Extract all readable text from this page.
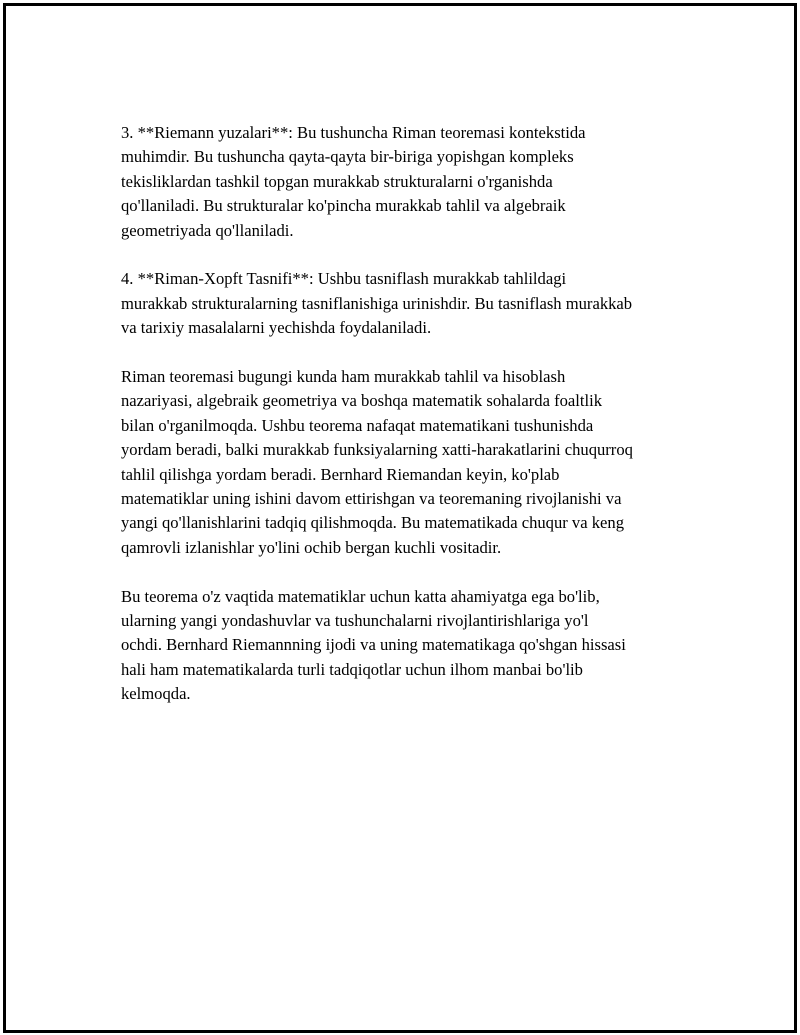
3. **Riemann yuzalari**: Bu tushuncha Riman teoremasi kontekstida
muhimdir. Bu tushuncha qayta-qayta bir-biriga yopishgan kompleks
tekisliklardan tashkil topgan murakkab strukturalarni o'rganishda
qo'llaniladi. Bu strukturalar ko'pincha murakkab tahlil va algebraik
geometriyada qo'llaniladi.

4. **Riman-Xopft Tasnifi**: Ushbu tasniflash murakkab tahlildagi
murakkab strukturalarning tasniflanishiga urinishdir. Bu tasniflash murakkab
va tarixiy masalalarni yechishda foydalaniladi.

Riman teoremasi bugungi kunda ham murakkab tahlil va hisoblash
nazariyasi, algebraik geometriya va boshqa matematik sohalarda foaltlik
bilan o'rganilmoqda. Ushbu teorema nafaqat matematikani tushunishda
yordam beradi, balki murakkab funksiyalarning xatti-harakatlarini chuqurroq
tahlil qilishga yordam beradi. Bernhard Riemandan keyin, ko'plab
matematiklar uning ishini davom ettirishgan va teoremaning rivojlanishi va
yangi qo'llanishlarini tadqiq qilishmoqda. Bu matematikada chuqur va keng
qamrovli izlanishlar yo'lini ochib bergan kuchli vositadir.

Bu teorema o'z vaqtida matematiklar uchun katta ahamiyatga ega bo'lib,
ularning yangi yondashuvlar va tushunchalarni rivojlantirishlariga yo'l
ochdi. Bernhard Riemannning ijodi va uning matematikaga qo'shgan hissasi
hali ham matematikalarda turli tadqiqotlar uchun ilhom manbai bo'lib
kelmoqda.
